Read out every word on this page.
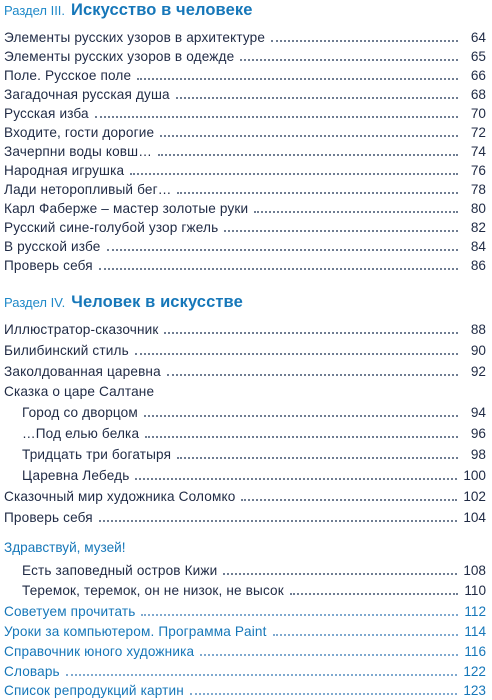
Раздел III. Искусство в человеке
Элементы русских узоров в архитектуре	64
Элементы русских узоров в одежде	65
Поле. Русское поле	66
Загадочная русская душа	68
Русская изба	70
Входите, гости дорогие	72
Зачерпни воды ковш…	74
Народная игрушка	76
Лади неторопливый бег…	78
Карл Фаберже – мастер золотые руки	80
Русский сине-голубой узор гжель	82
В русской избе	84
Проверь себя	86
Раздел IV. Человек в искусстве
Иллюстратор-сказочник	88
Билибинский стиль	90
Заколдованная царевна	92
Сказка о царе Салтане
Город со дворцом	94
…Под елью белка	96
Тридцать три богатыря	98
Царевна Лебедь	100
Сказочный мир художника Соломко	102
Проверь себя	104
Здравствуй, музей!
Есть заповедный остров Кижи	108
Теремок, теремок, он не низок, не высок	110
Советуем прочитать	112
Уроки за компьютером. Программа Paint	114
Справочник юного художника	116
Словарь	122
Список репродукций картин	123
